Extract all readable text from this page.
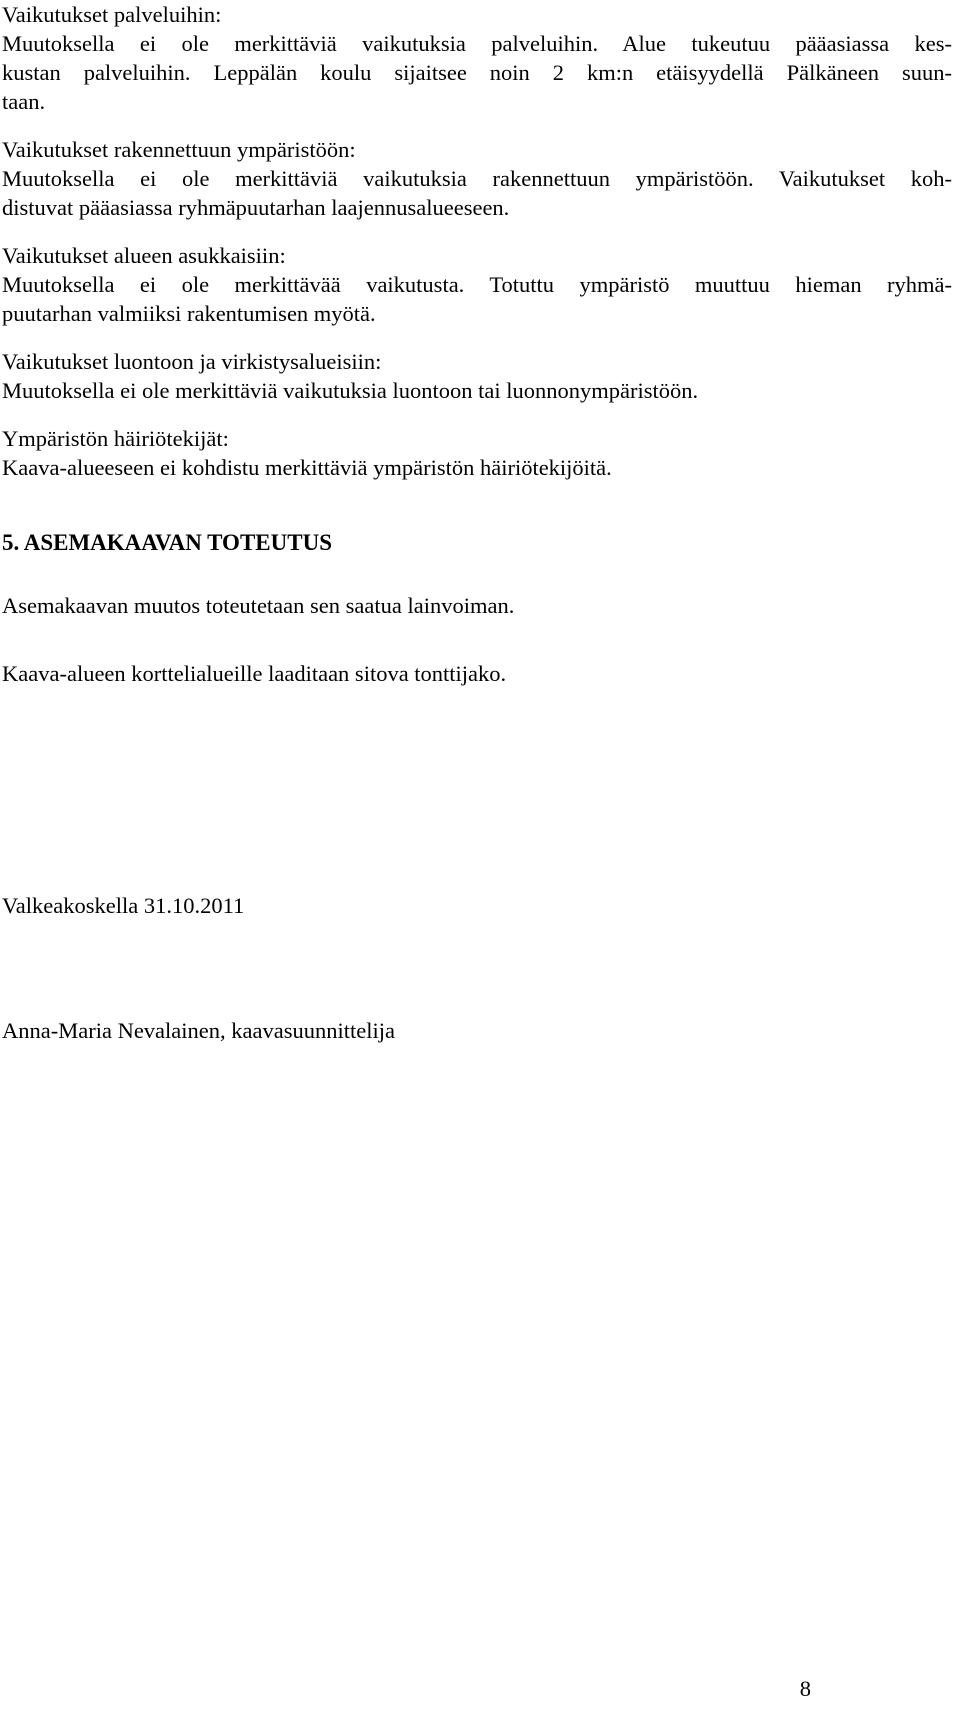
Vaikutukset palveluihin:
Muutoksella ei ole merkittäviä vaikutuksia palveluihin. Alue tukeutuu pääasiassa kes-
kustan palveluihin. Leppälän koulu sijaitsee noin 2 km:n etäisyydellä Pälkäneen suun-
taan.
Vaikutukset rakennettuun ympäristöön:
Muutoksella ei ole merkittäviä vaikutuksia rakennettuun ympäristöön. Vaikutukset koh-
distuvat pääasiassa ryhmäpuutarhan laajennusalueeseen.
Vaikutukset alueen asukkaisiin:
Muutoksella ei ole merkittävää vaikutusta. Totuttu ympäristö muuttuu hieman ryhmä-
puutarhan valmiiksi rakentumisen myötä.
Vaikutukset luontoon ja virkistysalueisiin:
Muutoksella ei ole merkittäviä vaikutuksia luontoon tai luonnonympäristöön.
Ympäristön häiriötekijät:
Kaava-alueeseen ei kohdistu merkittäviä ympäristön häiriötekijöitä.
5. ASEMAKAAVAN TOTEUTUS
Asemakaavan muutos toteutetaan sen saatua lainvoiman.
Kaava-alueen korttelialueille laaditaan sitova tonttijako.
Valkeakoskella 31.10.2011
Anna-Maria Nevalainen, kaavasuunnittelija
8
